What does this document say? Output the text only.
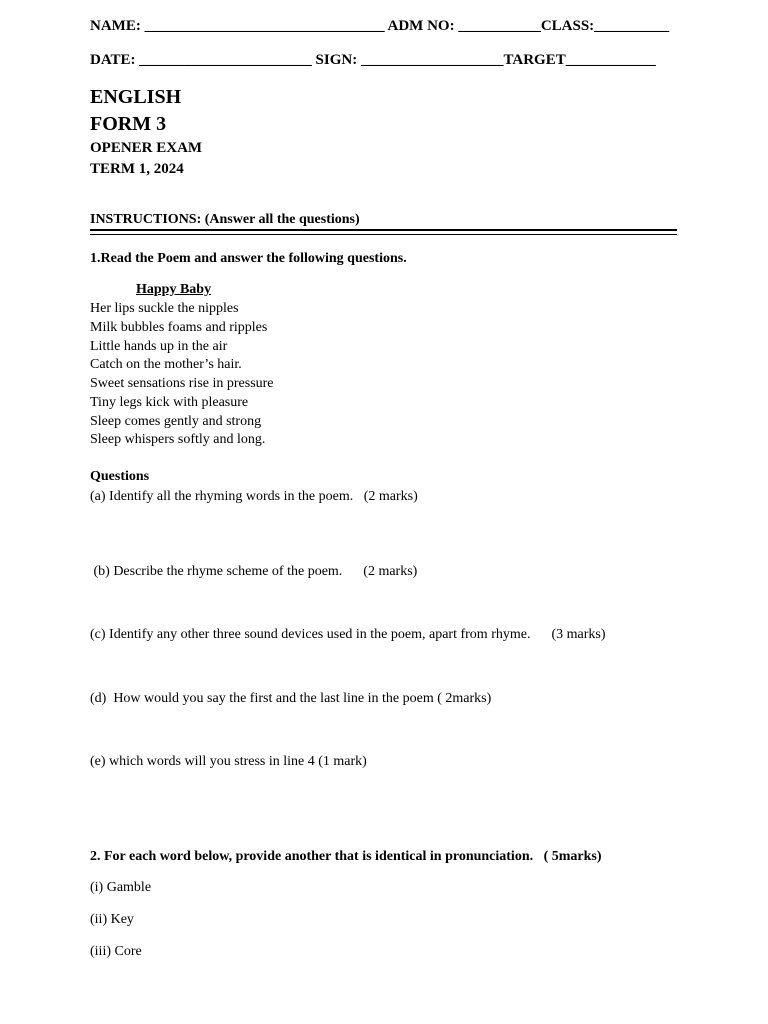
NAME: ________________________________ ADM NO: ___________CLASS:__________
DATE: _______________________ SIGN: ___________________TARGET____________
ENGLISH
FORM 3
OPENER EXAM
TERM 1, 2024
INSTRUCTIONS: (Answer all the questions)
1.Read the Poem and answer the following questions.
Happy Baby
Her lips suckle the nipples
Milk bubbles foams and ripples
Little hands up in the air
Catch on the mother’s hair.
Sweet sensations rise in pressure
Tiny legs kick with pleasure
Sleep comes gently and strong
Sleep whispers softly and long.
Questions
(a) Identify all the rhyming words in the poem.   (2 marks)
(b) Describe the rhyme scheme of the poem.      (2 marks)
(c) Identify any other three sound devices used in the poem, apart from rhyme.      (3 marks)
(d)  How would you say the first and the last line in the poem ( 2marks)
(e) which words will you stress in line 4 (1 mark)
2. For each word below, provide another that is identical in pronunciation.   ( 5marks)
(i) Gamble
(ii) Key
(iii) Core
